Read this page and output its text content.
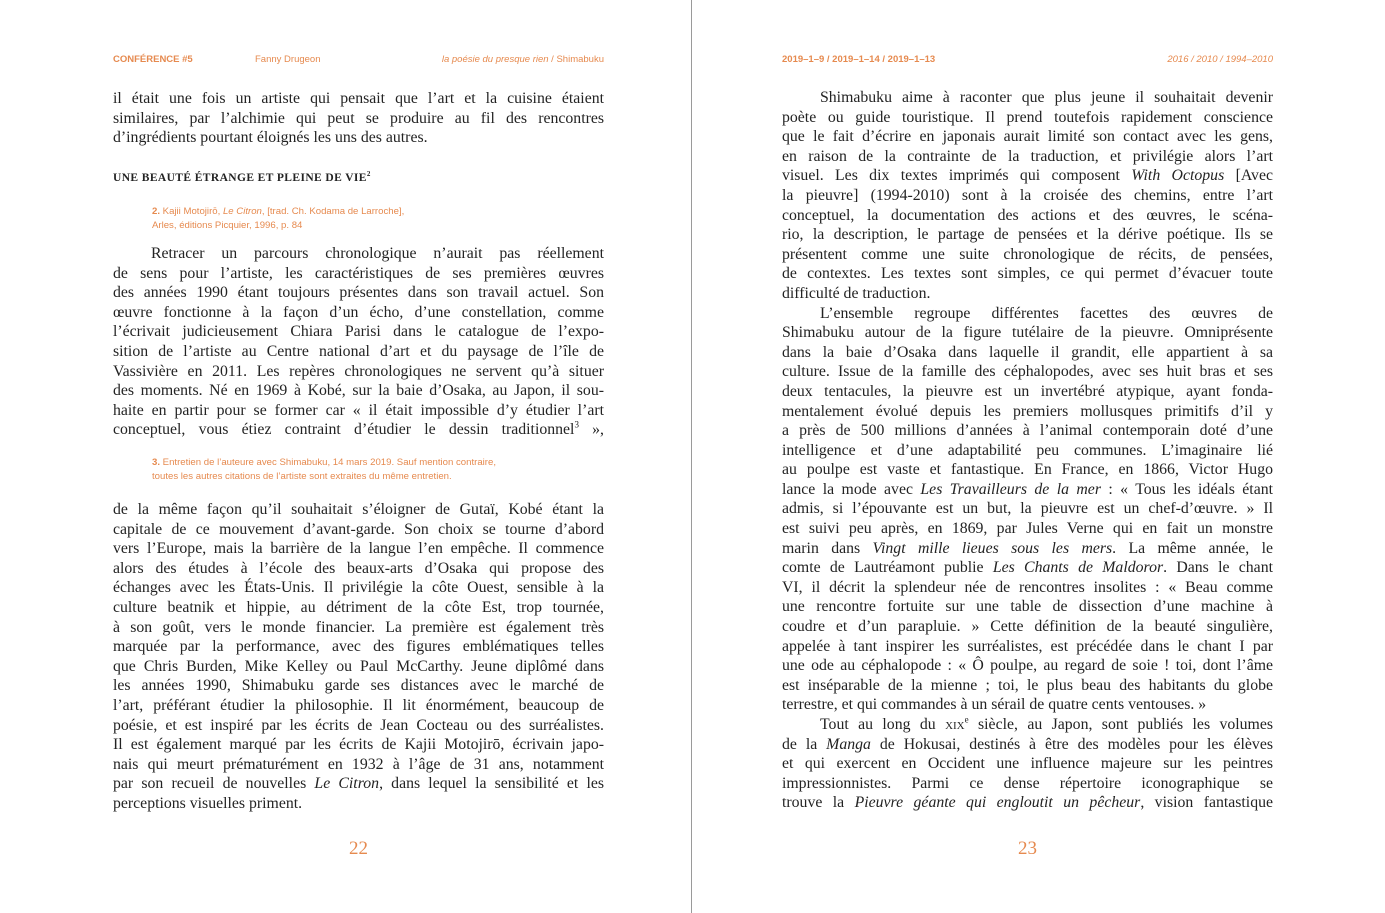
CONFÉRENCE #5	Fanny Drugeon	la poésie du presque rien / Shimabuku
il était une fois un artiste qui pensait que l’art et la cuisine étaient
similaires, par l’alchimie qui peut se produire au fil des rencontres
d’ingrédients pourtant éloignés les uns des autres.
UNE BEAUTÉ ÉTRANGE ET PLEINE DE VIE$^2$
2. Kajii Motojirō, Le Citron, [trad. Ch. Kodama de Larroche],
Arles, éditions Picquier, 1996, p. 84
Retracer un parcours chronologique n’aurait pas réellement
de sens pour l’artiste, les caractéristiques de ses premières œuvres
des années 1990 étant toujours présentes dans son travail actuel. Son
œuvre fonctionne à la façon d’un écho, d’une constellation, comme
l’écrivait judicieusement Chiara Parisi dans le catalogue de l’expo-
sition de l’artiste au Centre national d’art et du paysage de l’île de
Vassivière en 2011. Les repères chronologiques ne servent qu’à situer
des moments. Né en 1969 à Kobé, sur la baie d’Osaka, au Japon, il sou-
haite en partir pour se former car « il était impossible d’y étudier l’art
conceptuel, vous étiez contraint d’étudier le dessin traditionnel$^3$ »,
3. Entretien de l’auteure avec Shimabuku, 14 mars 2019. Sauf mention contraire,
toutes les autres citations de l’artiste sont extraites du même entretien.
de la même façon qu’il souhaitait s’éloigner de Gutaï, Kobé étant la
capitale de ce mouvement d’avant-garde. Son choix se tourne d’abord
vers l’Europe, mais la barrière de la langue l’en empêche. Il commence
alors des études à l’école des beaux-arts d’Osaka qui propose des
échanges avec les États-Unis. Il privilégie la côte Ouest, sensible à la
culture beatnik et hippie, au détriment de la côte Est, trop tournée,
à son goût, vers le monde financier. La première est également très
marquée par la performance, avec des figures emblématiques telles
que Chris Burden, Mike Kelley ou Paul McCarthy. Jeune diplômé dans
les années 1990, Shimabuku garde ses distances avec le marché de
l’art, préférant étudier la philosophie. Il lit énormément, beaucoup de
poésie, et est inspiré par les écrits de Jean Cocteau ou des surréalistes.
Il est également marqué par les écrits de Kajii Motojirō, écrivain japo-
nais qui meurt prématurément en 1932 à l’âge de 31 ans, notamment
par son recueil de nouvelles Le Citron, dans lequel la sensibilité et les
perceptions visuelles priment.
22
2019–1–9 / 2019–1–14 / 2019–1–13	2016 / 2010 / 1994–2010
Shimabuku aime à raconter que plus jeune il souhaitait devenir
poète ou guide touristique. Il prend toutefois rapidement conscience
que le fait d’écrire en japonais aurait limité son contact avec les gens,
en raison de la contrainte de la traduction, et privilégie alors l’art
visuel. Les dix textes imprimés qui composent With Octopus [Avec
la pieuvre] (1994-2010) sont à la croisée des chemins, entre l’art
conceptuel, la documentation des actions et des œuvres, le scéna-
rio, la description, le partage de pensées et la dérive poétique. Ils se
présentent comme une suite chronologique de récits, de pensées,
de contextes. Les textes sont simples, ce qui permet d’évacuer toute
difficulté de traduction.
L’ensemble regroupe différentes facettes des œuvres de
Shimabuku autour de la figure tutélaire de la pieuvre. Omniprésente
dans la baie d’Osaka dans laquelle il grandit, elle appartient à sa
culture. Issue de la famille des céphalopodes, avec ses huit bras et ses
deux tentacules, la pieuvre est un invertébré atypique, ayant fonda-
mentalement évolué depuis les premiers mollusques primitifs d’il y
a près de 500 millions d’années à l’animal contemporain doté d’une
intelligence et d’une adaptabilité peu communes. L’imaginaire lié
au poulpe est vaste et fantastique. En France, en 1866, Victor Hugo
lance la mode avec Les Travailleurs de la mer : « Tous les idéals étant
admis, si l’épouvante est un but, la pieuvre est un chef-d’œuvre. » Il
est suivi peu après, en 1869, par Jules Verne qui en fait un monstre
marin dans Vingt mille lieues sous les mers. La même année, le
comte de Lautréamont publie Les Chants de Maldoror. Dans le chant
VI, il décrit la splendeur née de rencontres insolites : « Beau comme
une rencontre fortuite sur une table de dissection d’une machine à
coudre et d’un parapluie. » Cette définition de la beauté singulière,
appelée à tant inspirer les surréalistes, est précédée dans le chant I par
une ode au céphalopode : « Ô poulpe, au regard de soie ! toi, dont l’âme
est inséparable de la mienne ; toi, le plus beau des habitants du globe
terrestre, et qui commandes à un sérail de quatre cents ventouses. »
Tout au long du xix$^e$ siècle, au Japon, sont publiés les volumes
de la Manga de Hokusai, destinés à être des modèles pour les élèves
et qui exercent en Occident une influence majeure sur les peintres
impressionnistes. Parmi ce dense répertoire iconographique se
trouve la Pieuvre géante qui engloutit un pêcheur, vision fantastique
23
